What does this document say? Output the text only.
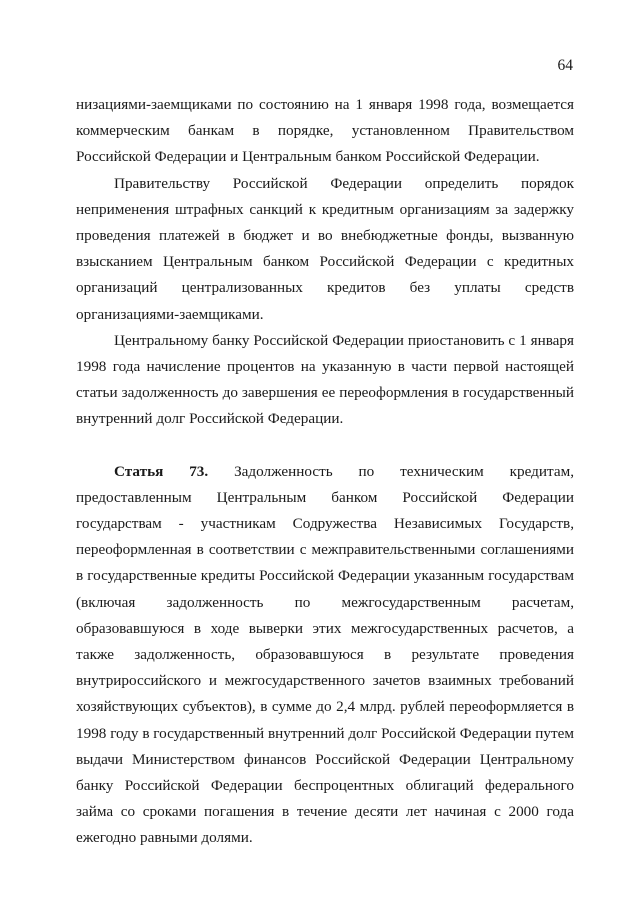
64

низациями-заемщиками по состоянию на 1 января 1998 года, возмещается коммерческим банкам в порядке, установленном Правительством Российской Федерации и Центральным банком Российской Федерации.

Правительству Российской Федерации определить порядок неприменения штрафных санкций к кредитным организациям за задержку проведения платежей в бюджет и во внебюджетные фонды, вызванную взысканием Центральным банком Российской Федерации с кредитных организаций централизованных кредитов без уплаты средств организациями-заемщиками.

Центральному банку Российской Федерации приостановить с 1 января 1998 года начисление процентов на указанную в части первой настоящей статьи задолженность до завершения ее переоформления в государственный внутренний долг Российской Федерации.

Статья 73. Задолженность по техническим кредитам, предоставленным Центральным банком Российской Федерации государствам - участникам Содружества Независимых Государств, переоформленная в соответствии с межправительственными соглашениями в государственные кредиты Российской Федерации указанным государствам (включая задолженность по межгосударственным расчетам, образовавшуюся в ходе выверки этих межгосударственных расчетов, а также задолженность, образовавшуюся в результате проведения внутрироссийского и межгосударственного зачетов взаимных требований хозяйствующих субъектов), в сумме до 2,4 млрд. рублей переоформляется в 1998 году в государственный внутренний долг Российской Федерации путем выдачи Министерством финансов Российской Федерации Центральному банку Российской Федерации беспроцентных облигаций федерального займа со сроками погашения в течение десяти лет начиная с 2000 года ежегодно равными долями.
